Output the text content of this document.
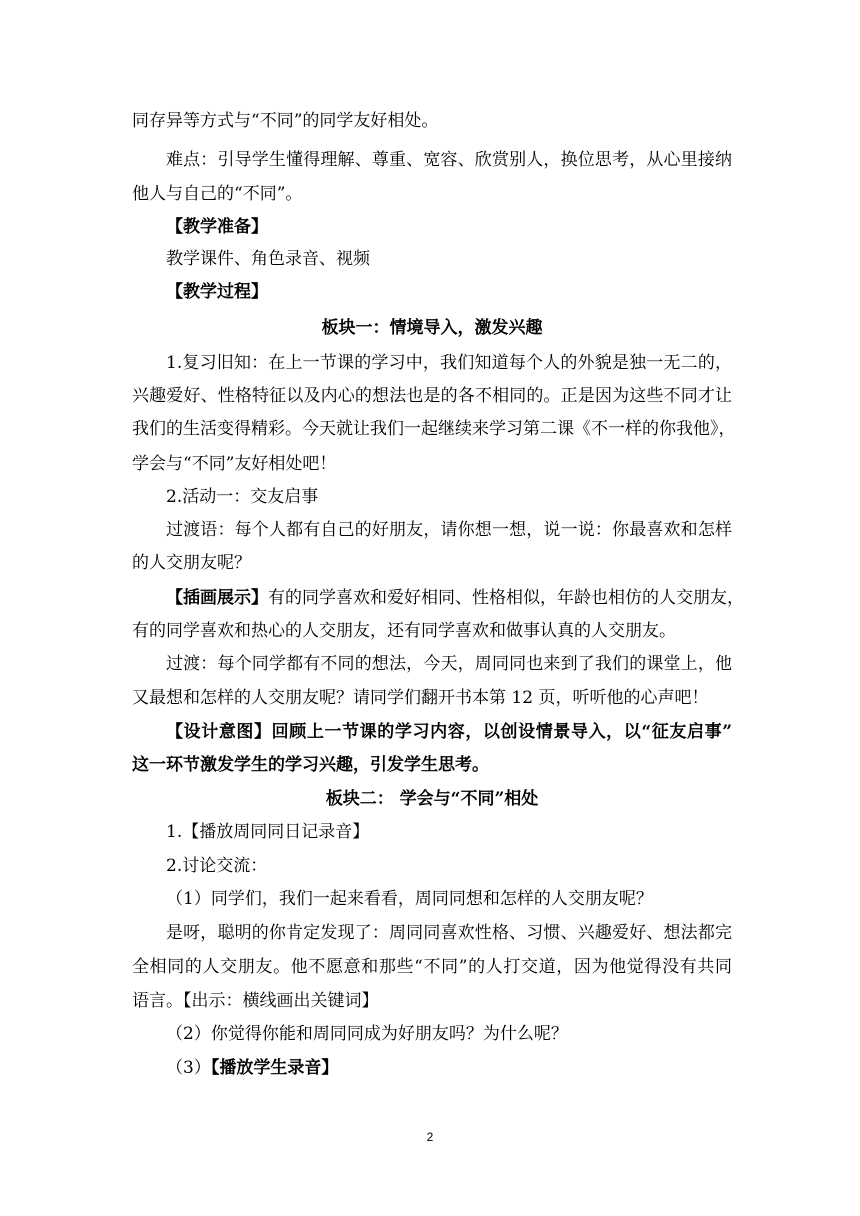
同存异等方式与“不同”的同学友好相处。
难点：引导学生懂得理解、尊重、宽容、欣赏别人，换位思考，从心里接纳
他人与自己的“不同”。
【教学准备】
教学课件、角色录音、视频
【教学过程】
板块一：情境导入，激发兴趣
1.复习旧知：在上一节课的学习中，我们知道每个人的外貌是独一无二的，
兴趣爱好、性格特征以及内心的想法也是的各不相同的。正是因为这些不同才让
我们的生活变得精彩。今天就让我们一起继续来学习第二课《不一样的你我他》，
学会与“不同”友好相处吧！
2.活动一：交友启事
过渡语：每个人都有自己的好朋友，请你想一想，说一说：你最喜欢和怎样
的人交朋友呢？
【插画展示】有的同学喜欢和爱好相同、性格相似，年龄也相仿的人交朋友，
有的同学喜欢和热心的人交朋友，还有同学喜欢和做事认真的人交朋友。
过渡：每个同学都有不同的想法，今天，周同同也来到了我们的课堂上，他
又最想和怎样的人交朋友呢？请同学们翻开书本第 12 页，听听他的心声吧！
【设计意图】回顾上一节课的学习内容，以创设情景导入，以“征友启事”
这一环节激发学生的学习兴趣，引发学生思考。
板块二： 学会与“不同”相处
1.【播放周同同日记录音】
2.讨论交流：
（1）同学们，我们一起来看看，周同同想和怎样的人交朋友呢？
是呀，聪明的你肯定发现了：周同同喜欢性格、习惯、兴趣爱好、想法都完
全相同的人交朋友。他不愿意和那些“不同”的人打交道，因为他觉得没有共同
语言。【出示：横线画出关键词】
（2）你觉得你能和周同同成为好朋友吗？为什么呢？
（3）【播放学生录音】
2
